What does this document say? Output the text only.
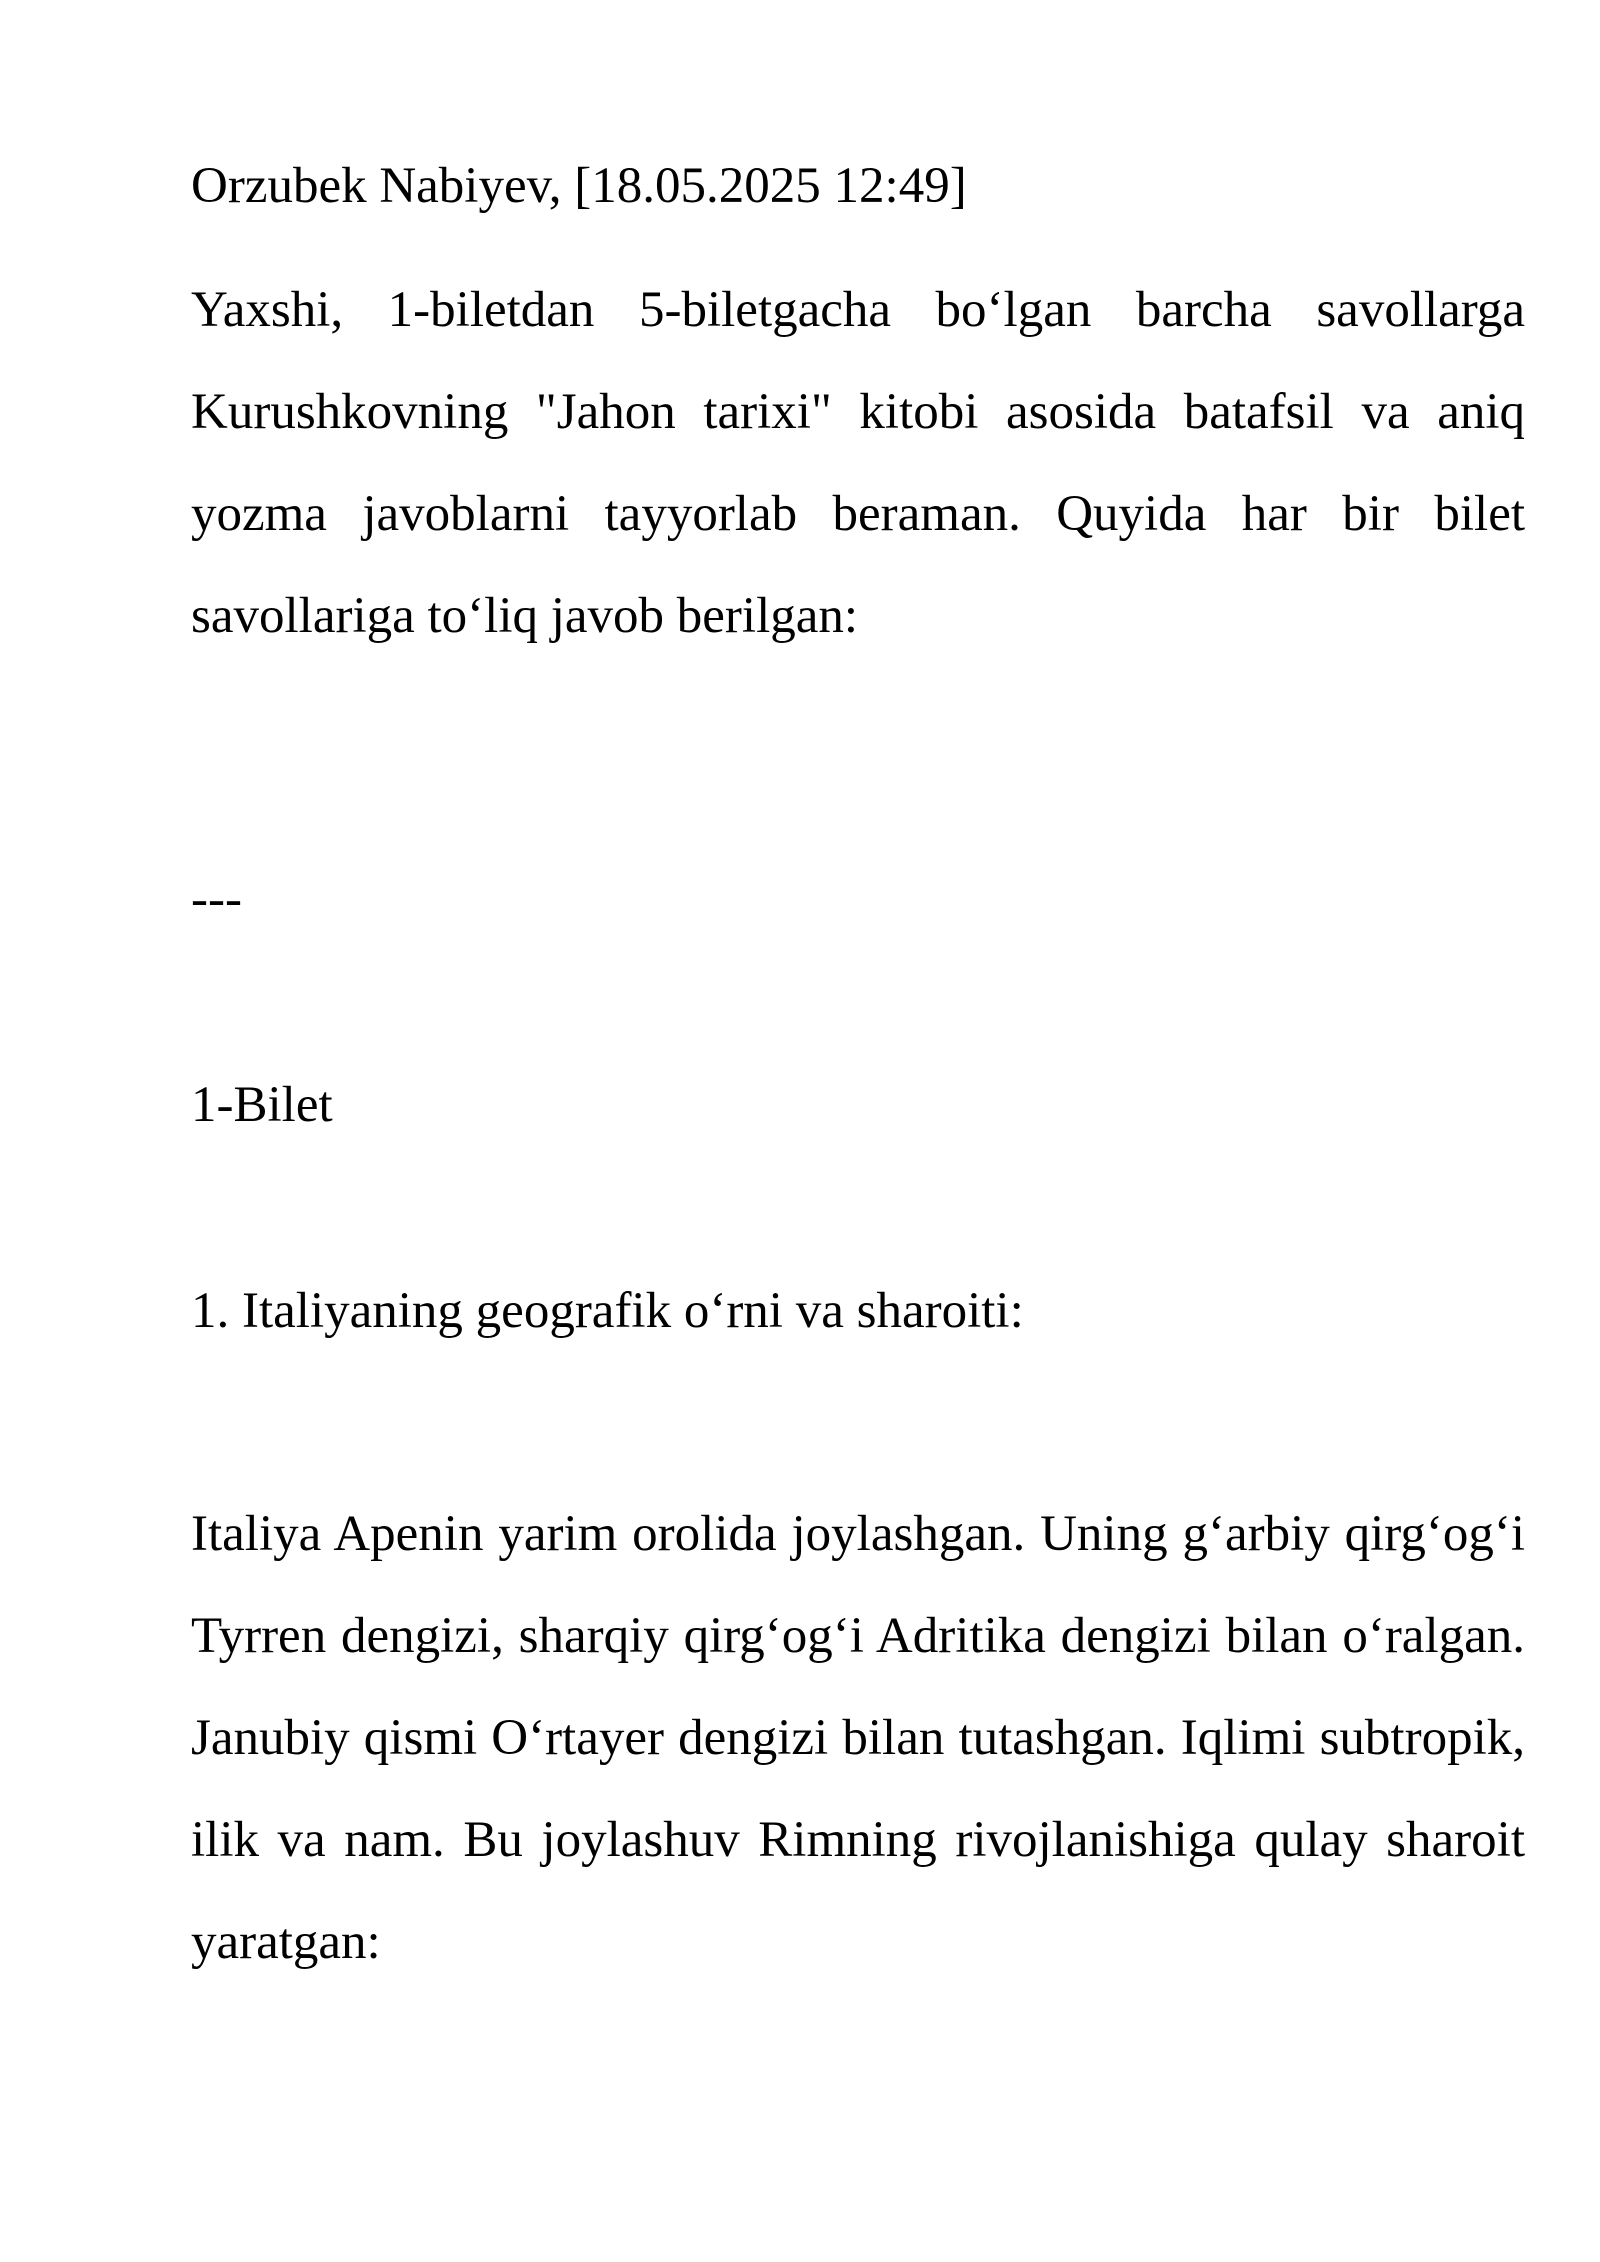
Orzubek Nabiyev, [18.05.2025 12:49]

Yaxshi, 1-biletdan 5-biletgacha bo‘lgan barcha savollarga Kurushkovning "Jahon tarixi" kitobi asosida batafsil va aniq yozma javoblarni tayyorlab beraman. Quyida har bir bilet savollariga to‘liq javob berilgan:

---

1-Bilet

1. Italiyaning geografik o‘rni va sharoiti:

Italiya Apenin yarim orolida joylashgan. Uning g‘arbiy qirg‘og‘i Tyrren dengizi, sharqiy qirg‘og‘i Adritika dengizi bilan o‘ralgan. Janubiy qismi O‘rtayer dengizi bilan tutashgan. Iqlimi subtropik, ilik va nam. Bu joylashuv Rimning rivojlanishiga qulay sharoit yaratgan:
